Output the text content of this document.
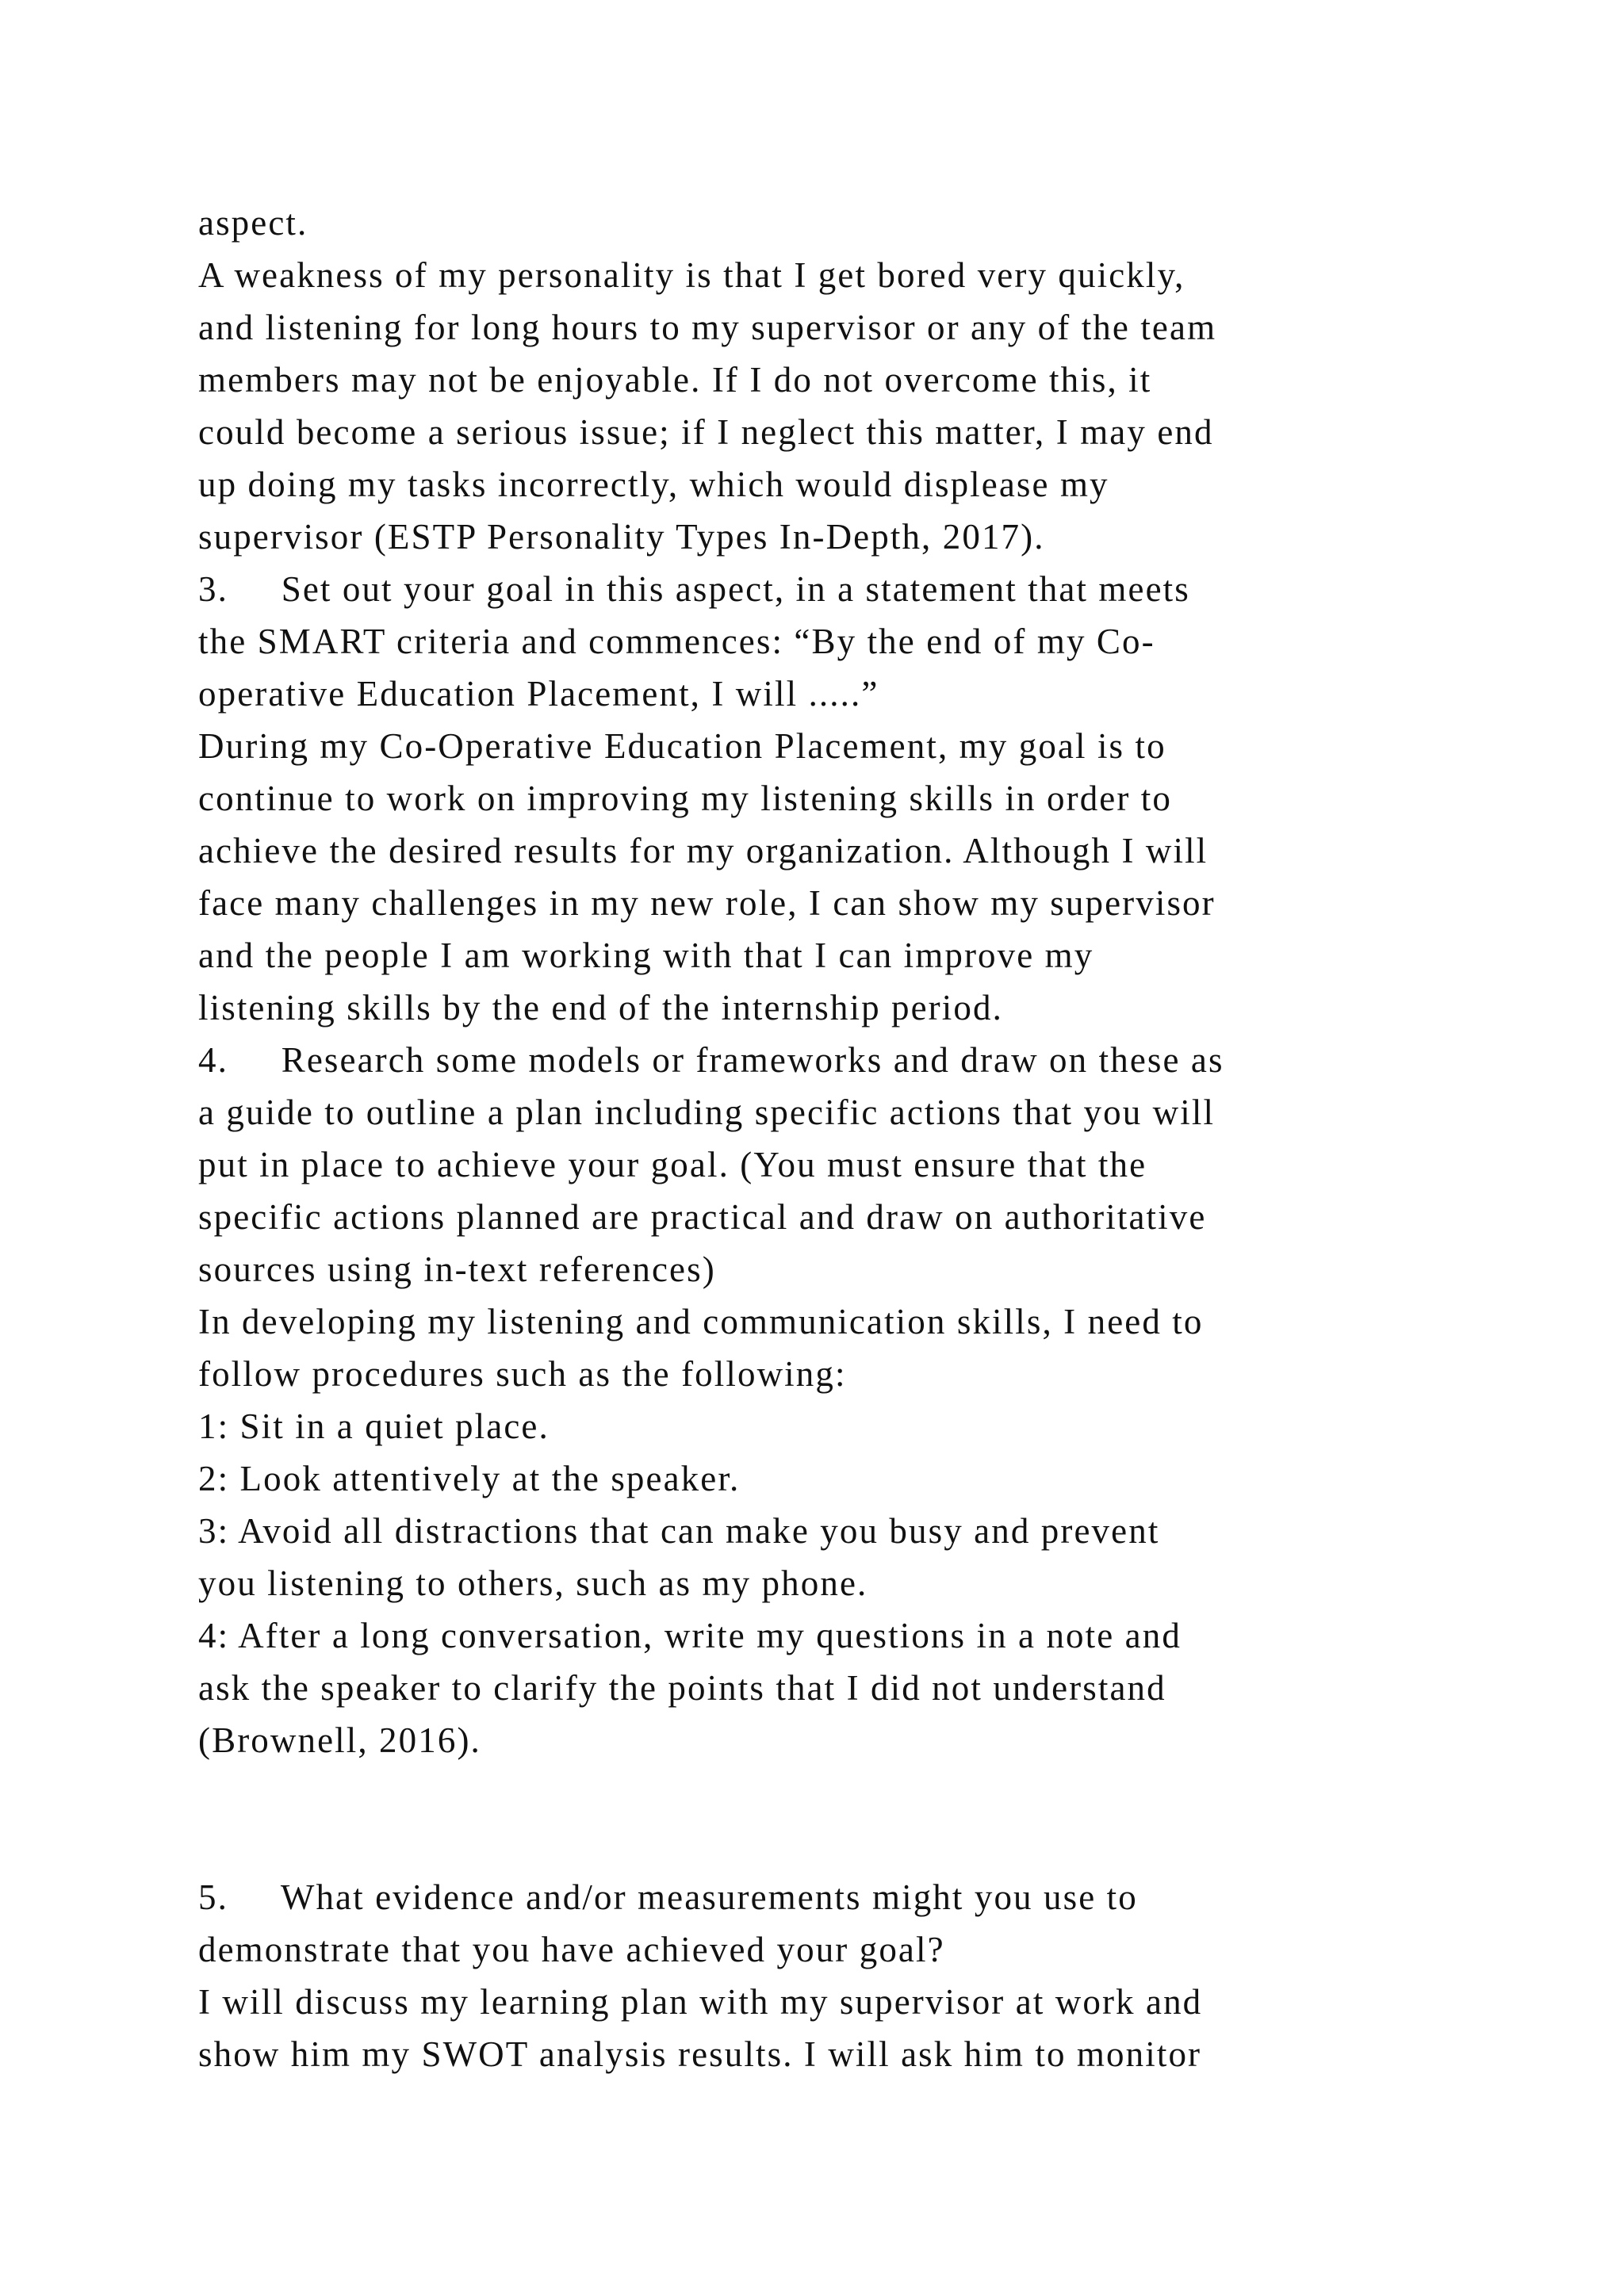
aspect.
A weakness of my personality is that I get bored very quickly,
and listening for long hours to my supervisor or any of the team
members may not be enjoyable. If I do not overcome this, it
could become a serious issue; if I neglect this matter, I may end
up doing my tasks incorrectly, which would displease my
supervisor (ESTP Personality Types In-Depth, 2017).
3.     Set out your goal in this aspect, in a statement that meets
the SMART criteria and commences: “By the end of my Co-
operative Education Placement, I will .....”
During my Co-Operative Education Placement, my goal is to
continue to work on improving my listening skills in order to
achieve the desired results for my organization. Although I will
face many challenges in my new role, I can show my supervisor
and the people I am working with that I can improve my
listening skills by the end of the internship period.
4.     Research some models or frameworks and draw on these as
a guide to outline a plan including specific actions that you will
put in place to achieve your goal. (You must ensure that the
specific actions planned are practical and draw on authoritative
sources using in-text references)
In developing my listening and communication skills, I need to
follow procedures such as the following:
1: Sit in a quiet place.
2: Look attentively at the speaker.
3: Avoid all distractions that can make you busy and prevent
you listening to others, such as my phone.
4: After a long conversation, write my questions in a note and
ask the speaker to clarify the points that I did not understand
(Brownell, 2016).
5.     What evidence and/or measurements might you use to
demonstrate that you have achieved your goal?
I will discuss my learning plan with my supervisor at work and
show him my SWOT analysis results. I will ask him to monitor
